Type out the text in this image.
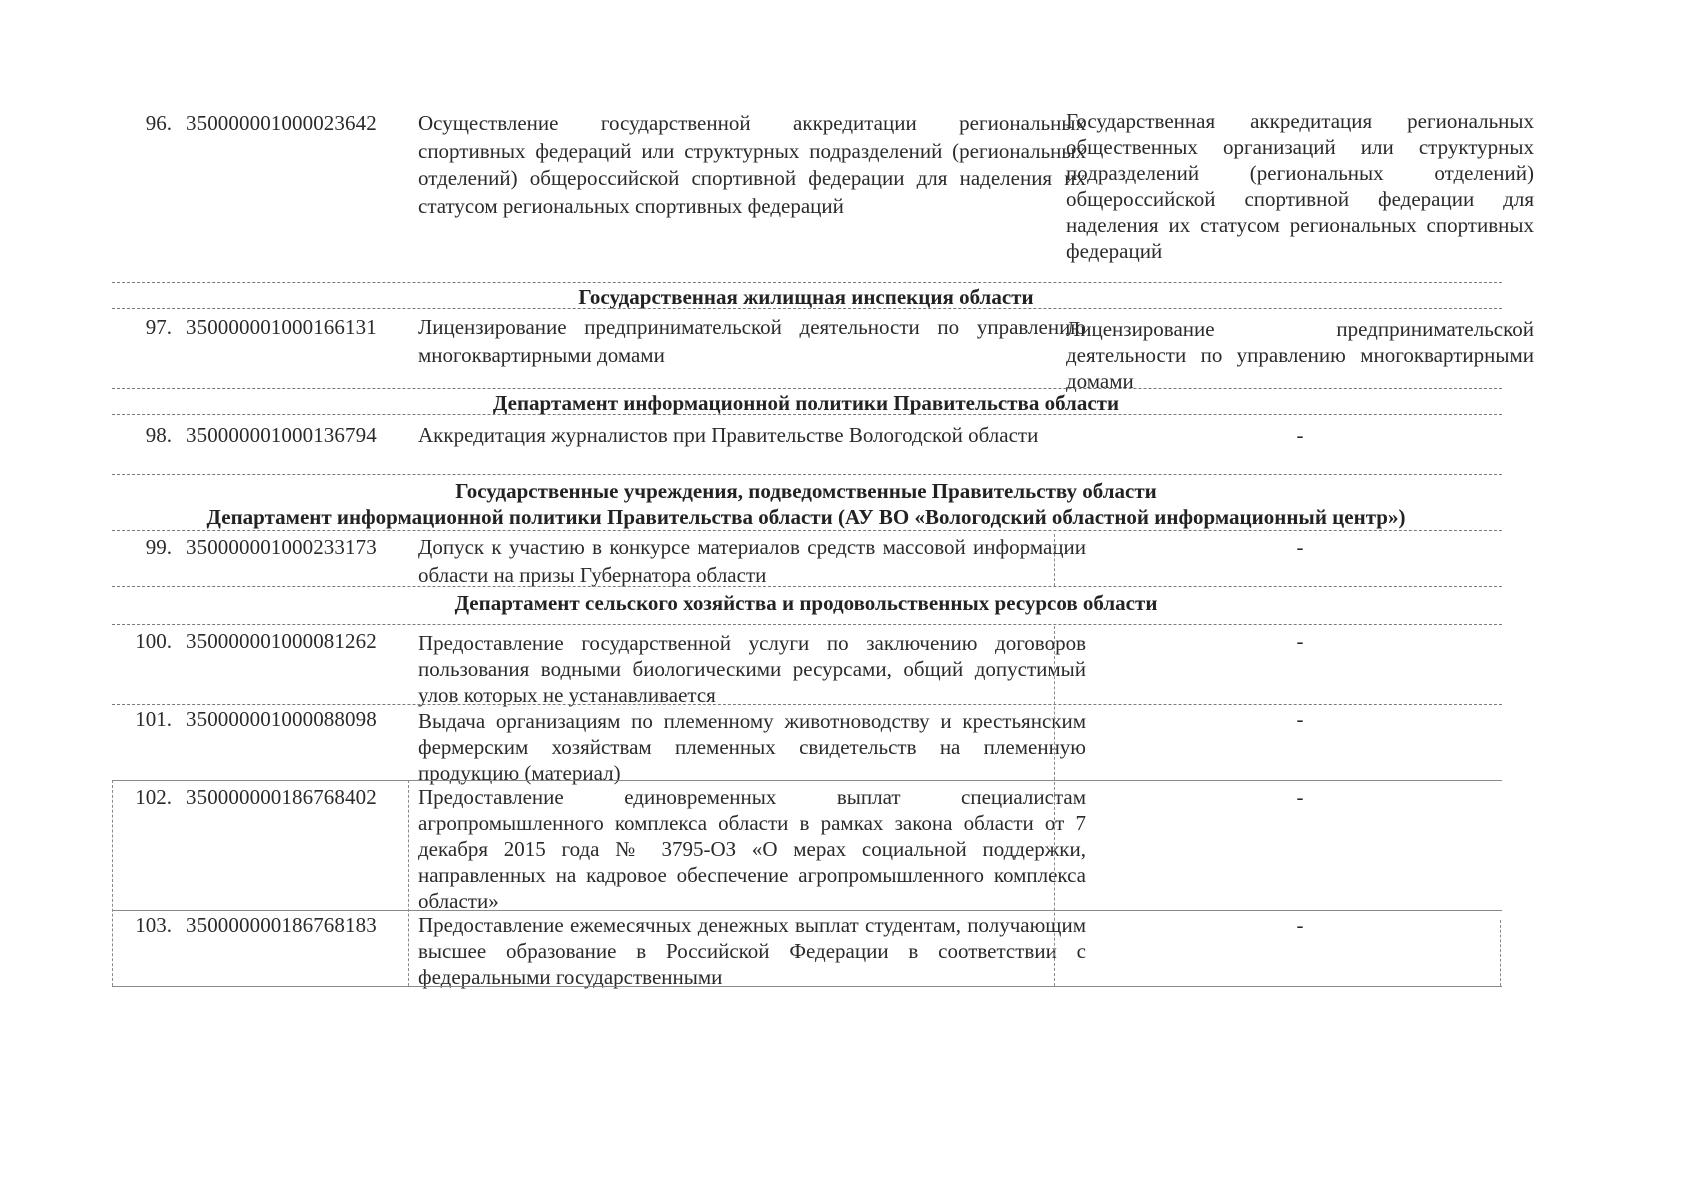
96. 350000001000023642 Осуществление государственной аккредитации региональных спортивных федераций или структурных подразделений (региональных отделений) общероссийской спортивной федерации для наделения их статусом региональных спортивных федераций
Государственная аккредитация региональных общественных организаций или структурных подразделений (региональных отделений) общероссийской спортивной федерации для наделения их статусом региональных спортивных федераций
Государственная жилищная инспекция области
97. 350000001000166131 Лицензирование предпринимательской деятельности по управлению многоквартирными домами
Лицензирование предпринимательской деятельности по управлению многоквартирными домами
Департамент информационной политики Правительства области
98. 350000001000136794 Аккредитация журналистов при Правительстве Вологодской области	-
Государственные учреждения, подведомственные Правительству области
Департамент информационной политики Правительства области (АУ ВО «Вологодский областной информационный центр»)
99. 350000001000233173 Допуск к участию в конкурсе материалов средств массовой информации области на призы Губернатора области
-
Департамент сельского хозяйства и продовольственных ресурсов области
100. 350000001000081262 Предоставление государственной услуги по заключению договоров пользования водными биологическими ресурсами, общий допустимый улов которых не устанавливается
-
101. 350000001000088098 Выдача организациям по племенному животноводству и крестьянским фермерским хозяйствам племенных свидетельств на племенную продукцию (материал)
-
102. 350000000186768402 Предоставление единовременных выплат специалистам агропромышленного комплекса области в рамках закона области от 7 декабря 2015 года № 3795-ОЗ «О мерах социальной поддержки, направленных на кадровое обеспечение агропромышленного комплекса области»
-
103. 350000000186768183 Предоставление ежемесячных денежных выплат студентам, получающим высшее образование в Российской Федерации в соответствии с федеральными государственными
-
